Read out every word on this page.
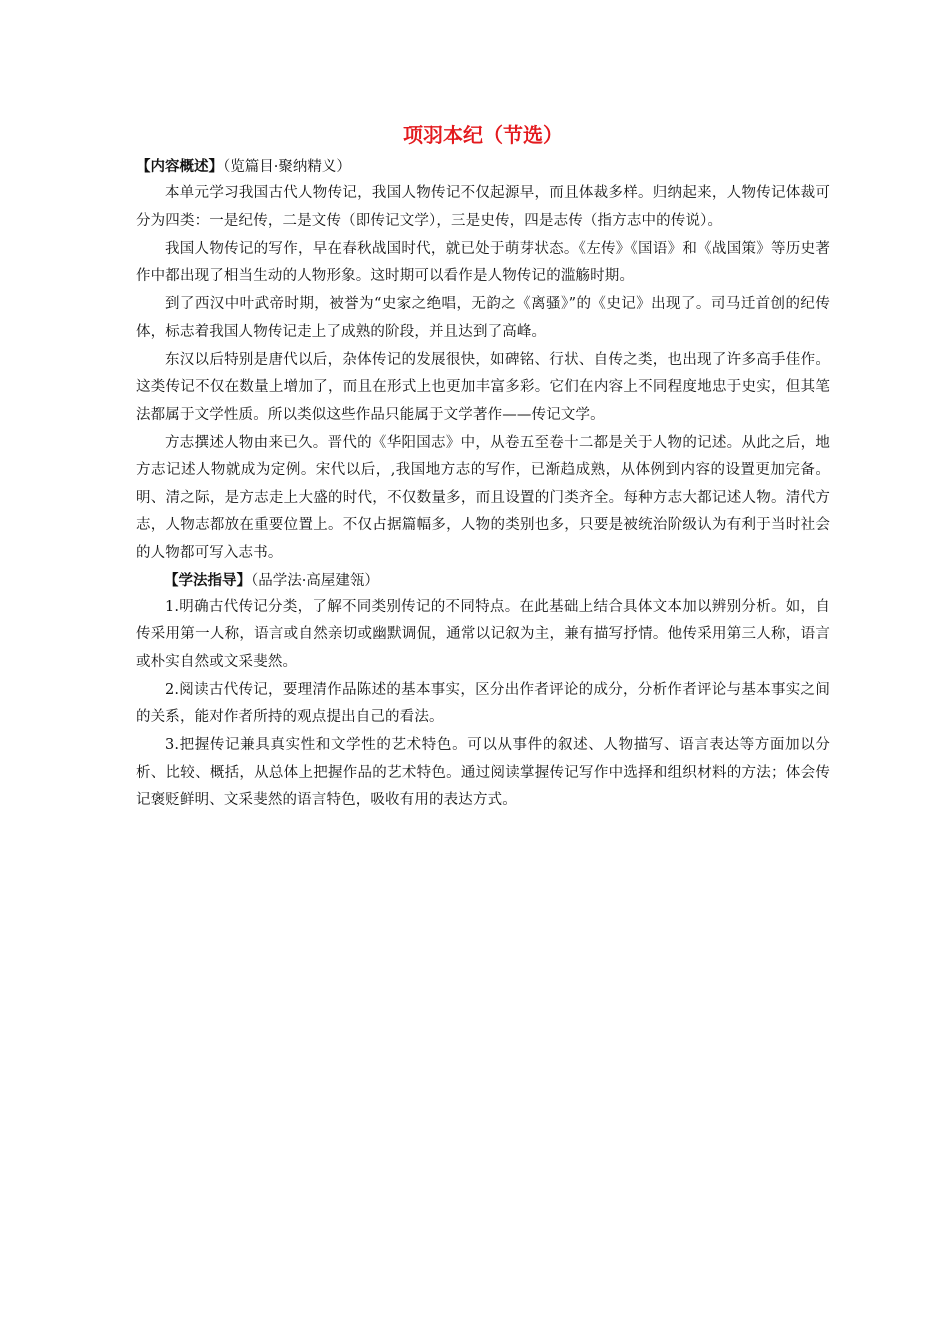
项羽本纪（节选）
【内容概述】（览篇目·聚纳精义）

本单元学习我国古代人物传记，我国人物传记不仅起源早，而且体裁多样。归纳起来，人物传记体裁可分为四类：一是纪传，二是文传（即传记文学），三是史传，四是志传（指方志中的传说）。

我国人物传记的写作，早在春秋战国时代，就已处于萌芽状态。《左传》《国语》和《战国策》等历史著作中都出现了相当生动的人物形象。这时期可以看作是人物传记的滥觞时期。

到了西汉中叶武帝时期，被誉为“史家之绝唱，无韵之《离骚》”的《史记》出现了。司马迁首创的纪传体，标志着我国人物传记走上了成熟的阶段，并且达到了高峰。

东汉以后特别是唐代以后，杂体传记的发展很快，如碑铭、行状、自传之类，也出现了许多高手佳作。这类传记不仅在数量上增加了，而且在形式上也更加丰富多彩。它们在内容上不同程度地忠于史实，但其笔法都属于文学性质。所以类似这些作品只能属于文学著作——传记文学。

方志撰述人物由来已久。晋代的《华阳国志》中，从卷五至卷十二都是关于人物的记述。从此之后，地方志记述人物就成为定例。宋代以后，,我国地方志的写作，已渐趋成熟，从体例到内容的设置更加完备。明、清之际，是方志走上大盛的时代，不仅数量多，而且设置的门类齐全。每种方志大都记述人物。清代方志，人物志都放在重要位置上。不仅占据篇幅多，人物的类别也多，只要是被统治阶级认为有利于当时社会的人物都可写入志书。

【学法指导】（品学法·高屋建瓴）

1.明确古代传记分类，了解不同类别传记的不同特点。在此基础上结合具体文本加以辨别分析。如，自传采用第一人称，语言或自然亲切或幽默调侃，通常以记叙为主，兼有描写抒情。他传采用第三人称，语言或朴实自然或文采斐然。

2.阅读古代传记，要理清作品陈述的基本事实，区分出作者评论的成分，分析作者评论与基本事实之间的关系，能对作者所持的观点提出自己的看法。

3.把握传记兼具真实性和文学性的艺术特色。可以从事件的叙述、人物描写、语言表达等方面加以分析、比较、概括，从总体上把握作品的艺术特色。通过阅读掌握传记写作中选择和组织材料的方法；体会传记褒贬鲜明、文采斐然的语言特色，吸收有用的表达方式。
